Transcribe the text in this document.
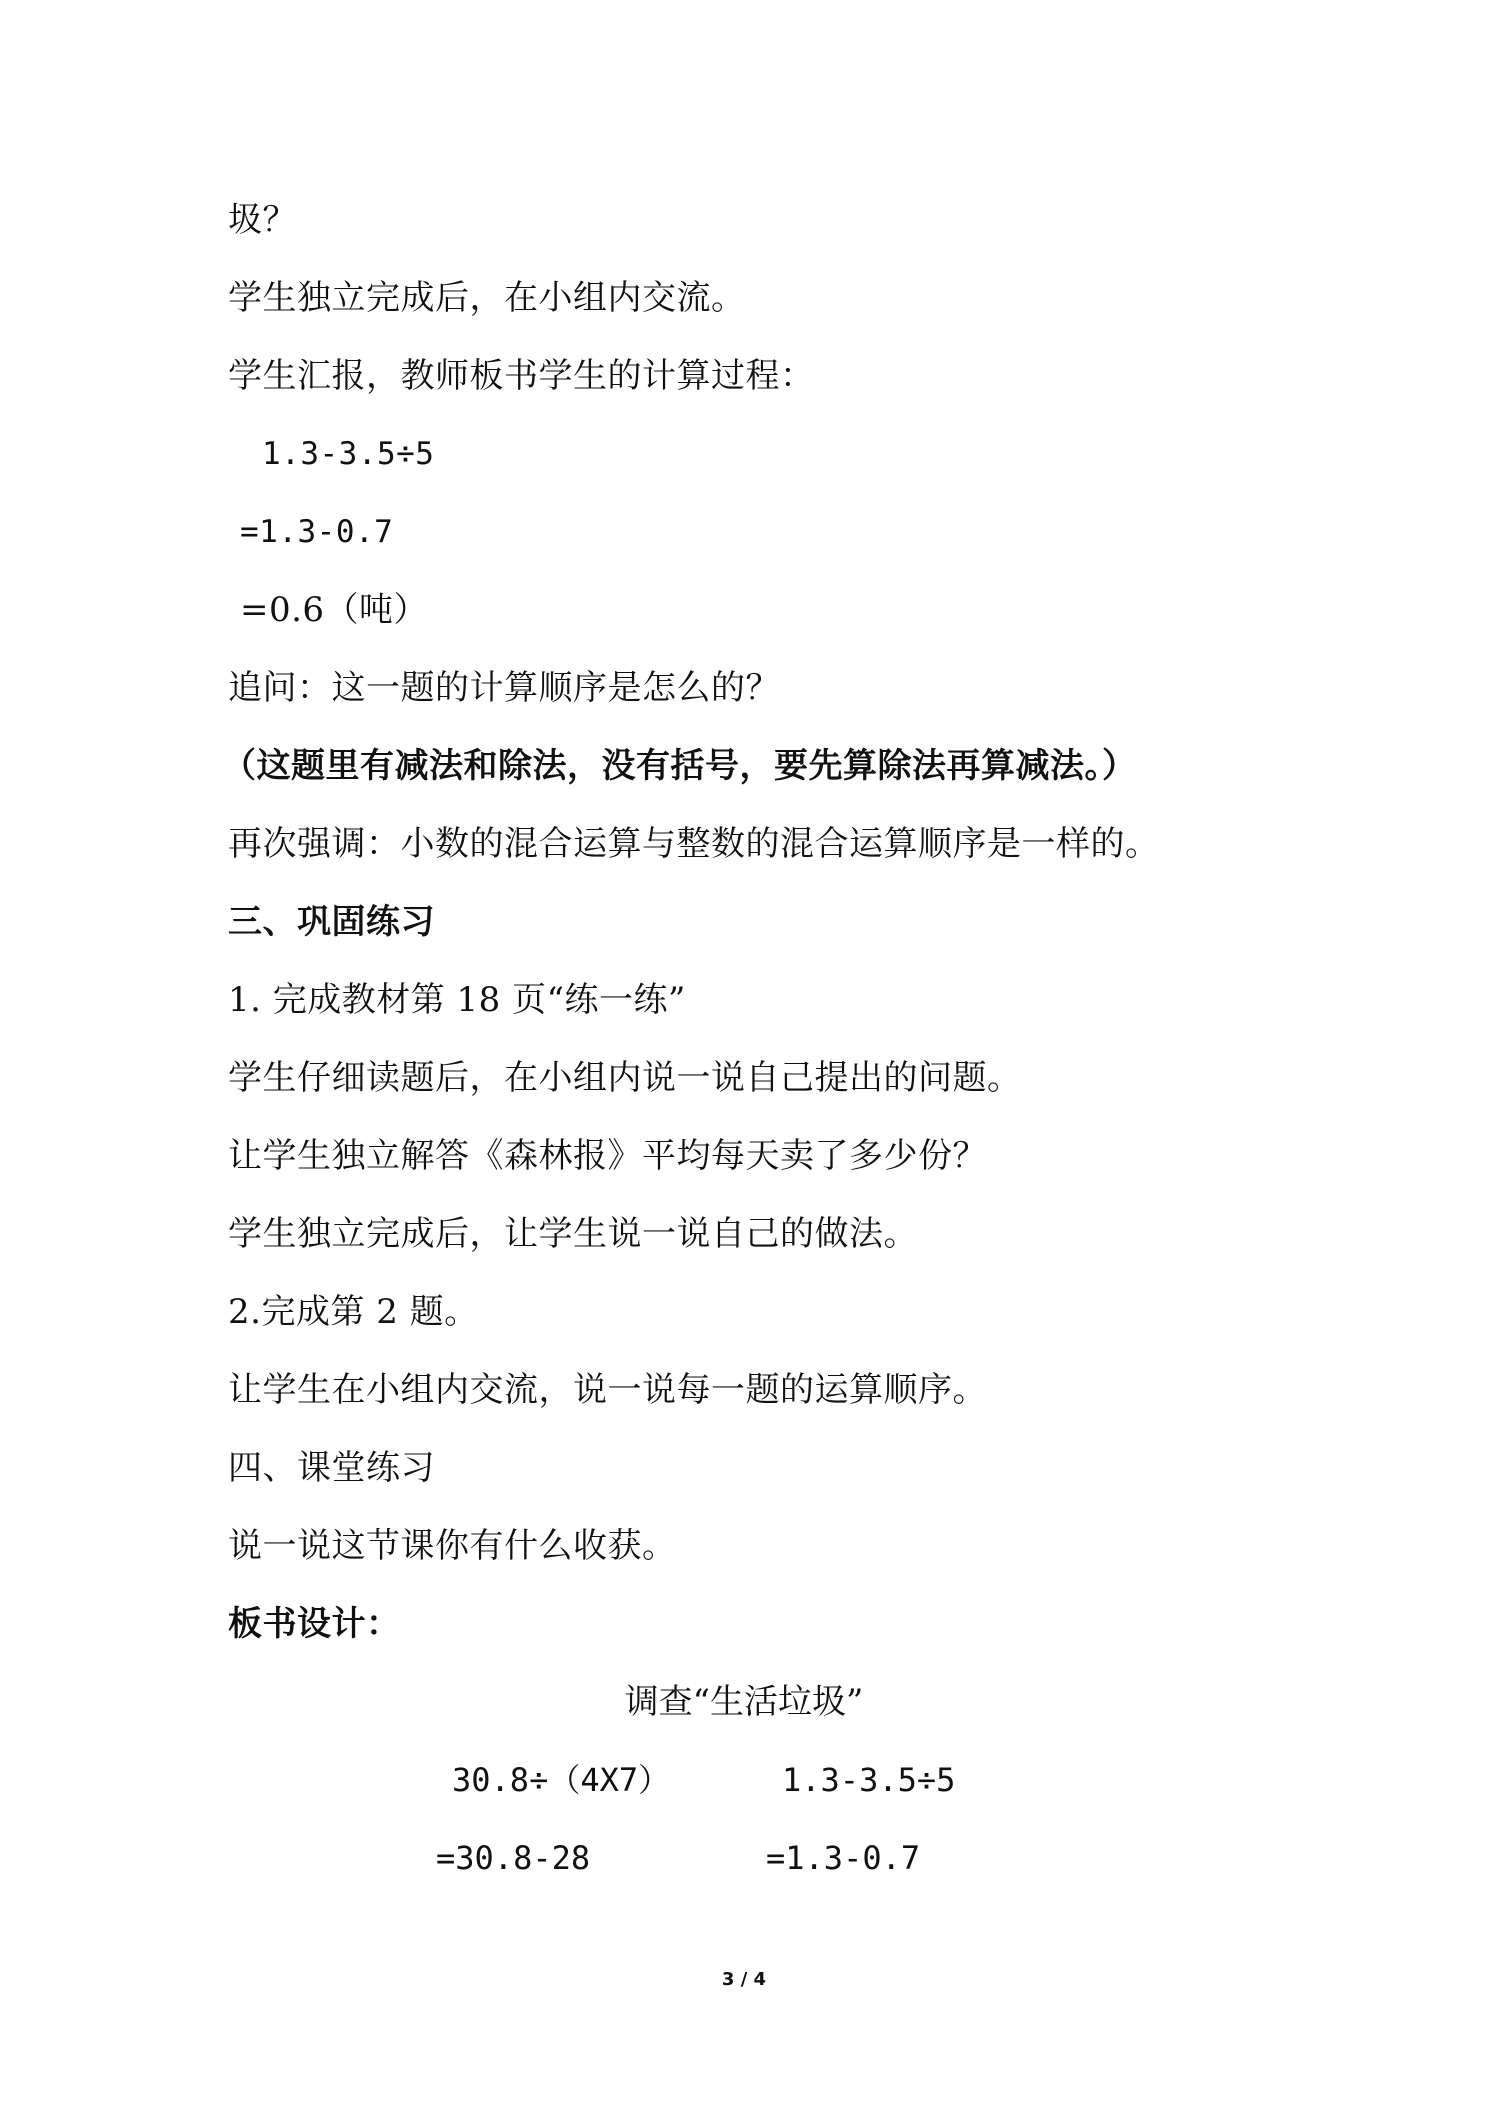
圾？
学生独立完成后，在小组内交流。
学生汇报，教师板书学生的计算过程：
1.3-3.5÷5
=1.3-0.7
=0.6（吨）
追问：这一题的计算顺序是怎么的？
（这题里有减法和除法，没有括号，要先算除法再算减法。）
再次强调：小数的混合运算与整数的混合运算顺序是一样的。
三、巩固练习
1. 完成教材第 18 页“练一练”
学生仔细读题后，在小组内说一说自己提出的问题。
让学生独立解答《森林报》平均每天卖了多少份？
学生独立完成后，让学生说一说自己的做法。
2.完成第 2 题。
让学生在小组内交流，说一说每一题的运算顺序。
四、课堂练习
说一说这节课你有什么收获。
板书设计：
调查“生活垃圾”
30.8÷（4X7）	1.3-3.5÷5
=30.8-28	=1.3-0.7
3 / 4
